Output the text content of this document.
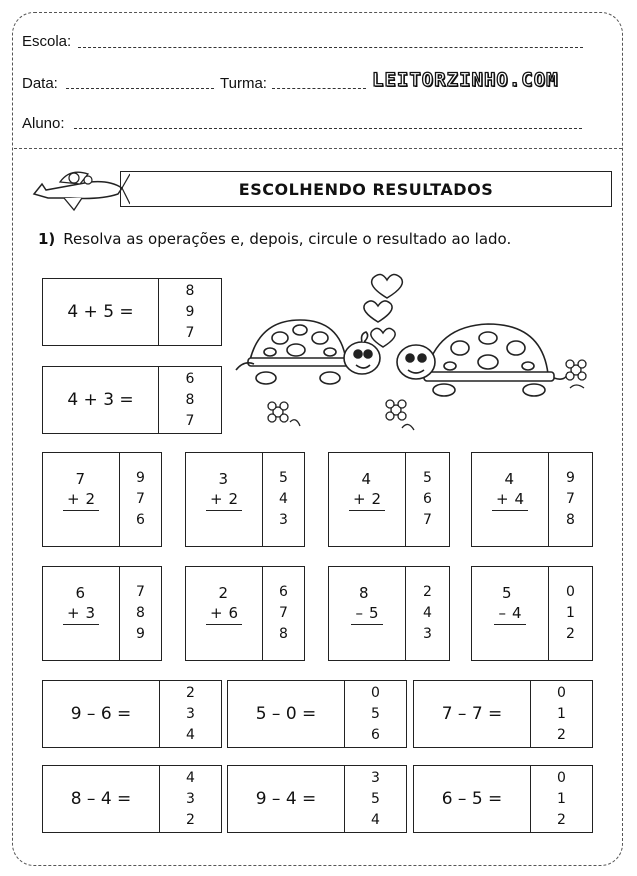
Escola:
Data:	Turma:	LEITORZINHO.COM
Aluno:
ESCOLHENDO RESULTADOS
1) Resolva as operações e, depois, circule o resultado ao lado.
4 + 5 =
8
9
7
4 + 3 =
6
8
7
7
+ 2
9
7
6
3
+ 2
5
4
3
4
+ 2
5
6
7
4
+ 4
9
7
8
6
+ 3
7
8
9
2
+ 6
6
7
8
8
– 5
2
4
3
5
– 4
0
1
2
9 – 6 =
2
3
4
5 – 0 =
0
5
6
7 – 7 =
0
1
2
8 – 4 =
4
3
2
9 – 4 =
3
5
4
6 – 5 =
0
1
2
